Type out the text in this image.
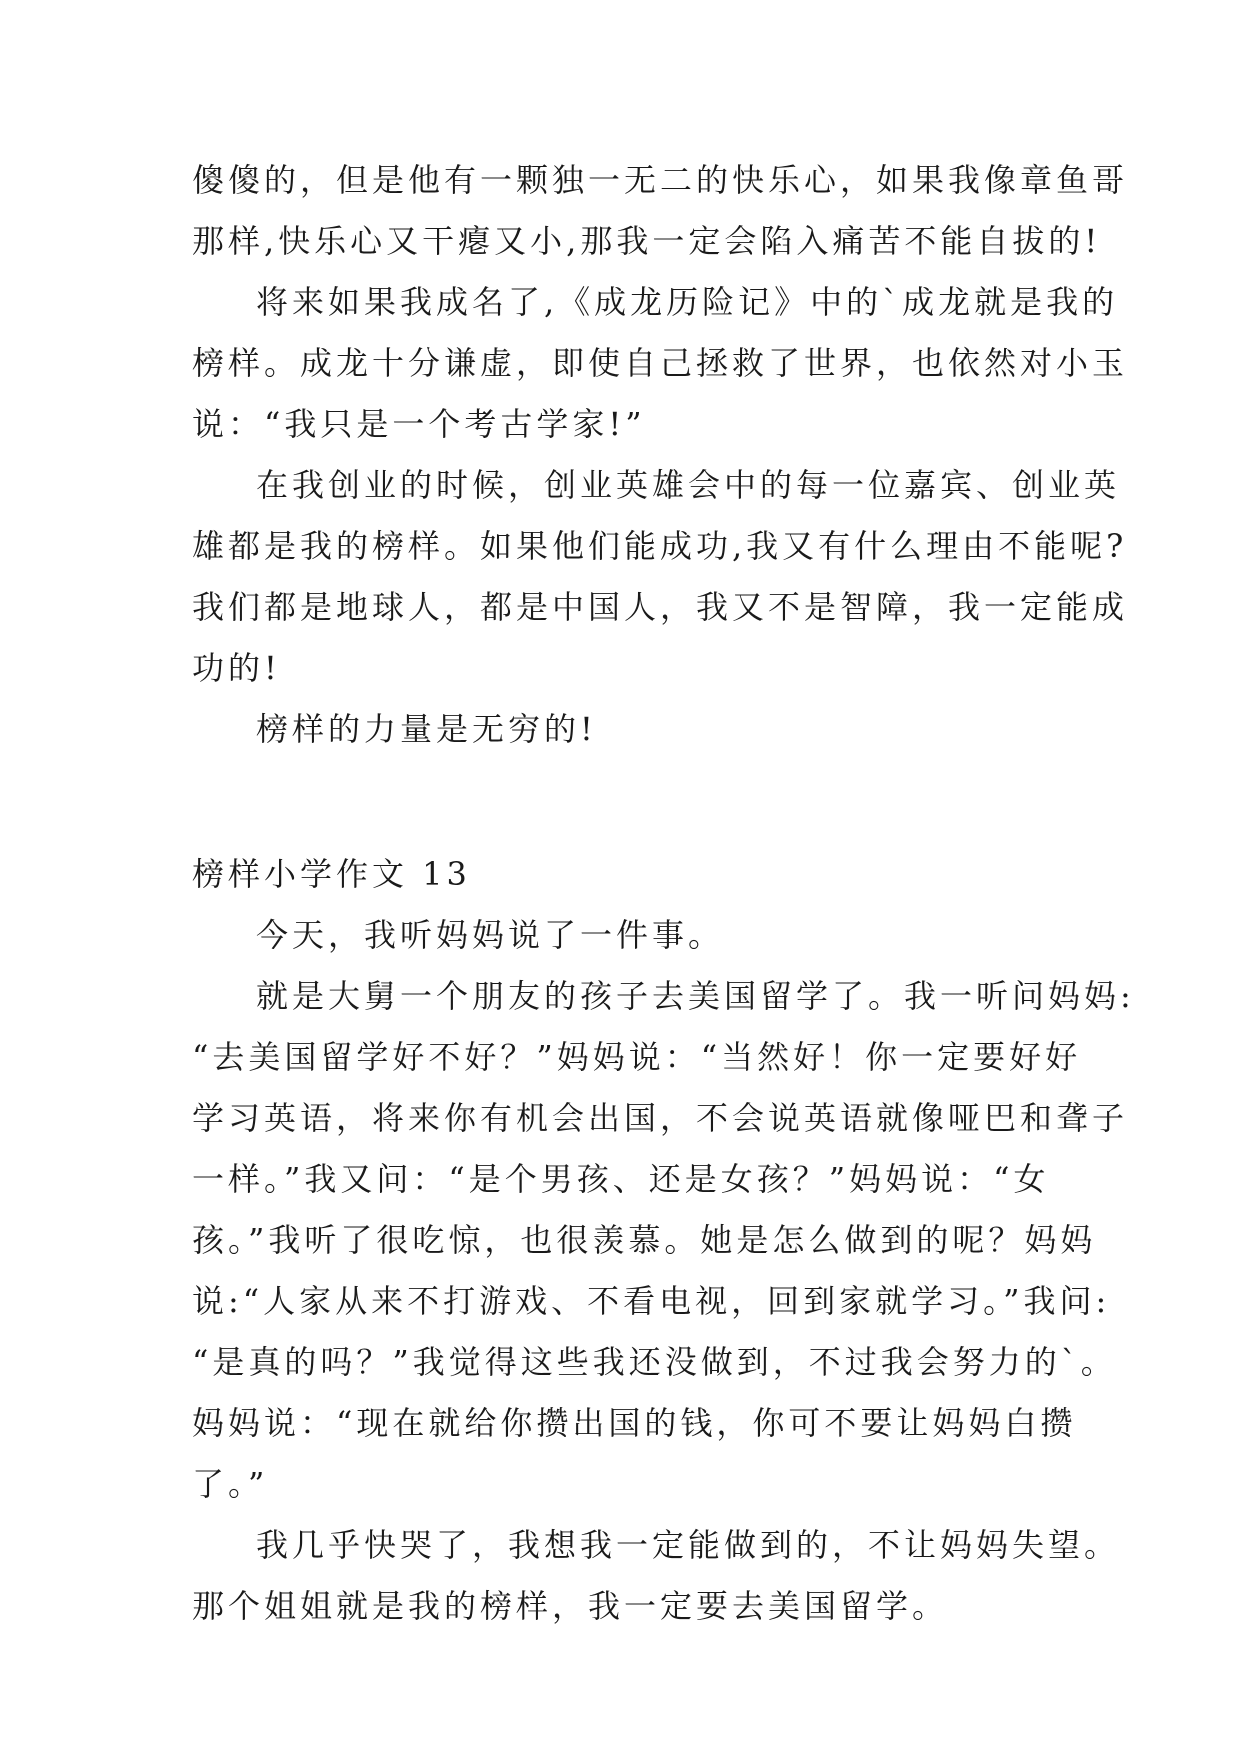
傻傻的，但是他有一颗独一无二的快乐心，如果我像章鱼哥
那样,快乐心又干瘪又小,那我一定会陷入痛苦不能自拔的!
将来如果我成名了,《成龙历险记》中的`成龙就是我的
榜样。成龙十分谦虚，即使自己拯救了世界，也依然对小玉
说：“我只是一个考古学家!”
在我创业的时候，创业英雄会中的每一位嘉宾、创业英
雄都是我的榜样。如果他们能成功,我又有什么理由不能呢?
我们都是地球人，都是中国人，我又不是智障，我一定能成
功的!
榜样的力量是无穷的!
榜样小学作文 13
今天，我听妈妈说了一件事。
就是大舅一个朋友的孩子去美国留学了。我一听问妈妈:
“去美国留学好不好？”妈妈说：“当然好！你一定要好好
学习英语，将来你有机会出国，不会说英语就像哑巴和聋子
一样。”我又问：“是个男孩、还是女孩？”妈妈说：“女
孩。”我听了很吃惊，也很羡慕。她是怎么做到的呢？妈妈
说:“人家从来不打游戏、不看电视，回到家就学习。”我问:
“是真的吗？”我觉得这些我还没做到，不过我会努力的`。
妈妈说：“现在就给你攒出国的钱，你可不要让妈妈白攒
了。”
我几乎快哭了，我想我一定能做到的，不让妈妈失望。
那个姐姐就是我的榜样，我一定要去美国留学。
